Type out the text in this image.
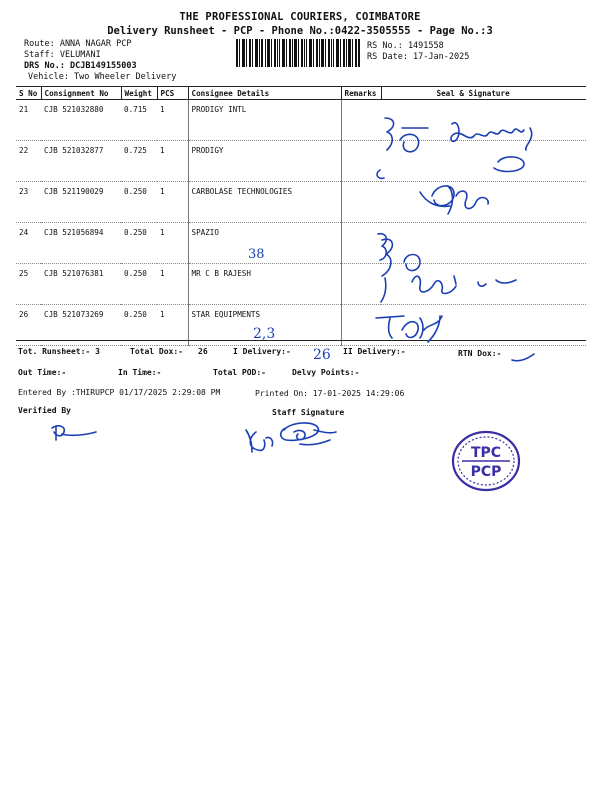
THE PROFESSIONAL COURIERS, COIMBATORE
Delivery Runsheet - PCP - Phone No.:0422-3505555 - Page No.:3
Route: ANNA NAGAR PCP
Staff: VELUMANI
DRS No.: DCJB149155003
Vehicle: Two Wheeler Delivery
RS No.: 1491558
RS Date: 17-Jan-2025
S No	Consignment No	Weight	PCS	Consignee Details	Remarks	Seal & Signature
21	CJB 521032880	0.715	1	PRODIGY INTL		
22	CJB 521032877	0.725	1	PRODIGY		
23	CJB 521190029	0.250	1	CARBOLASE TECHNOLOGIES		
24	CJB 521056894	0.250	1	SPAZIO		
25	CJB 521076381	0.250	1	MR C B RAJESH		
26	CJB 521073269	0.250	1	STAR EQUIPMENTS		
Tot. Runsheet:- 3	Total Dox:- 26	I Delivery:-	II Delivery:-	RTN Dox:-
Out Time:-	In Time:-	Total POD:-	Delvy Points:-
Entered By :THIRUPCP 01/17/2025 2:29:08 PM	Printed On: 17-01-2025 14:29:06
Verified By	Staff Signature
38
2,3
26
TPC
PCP
